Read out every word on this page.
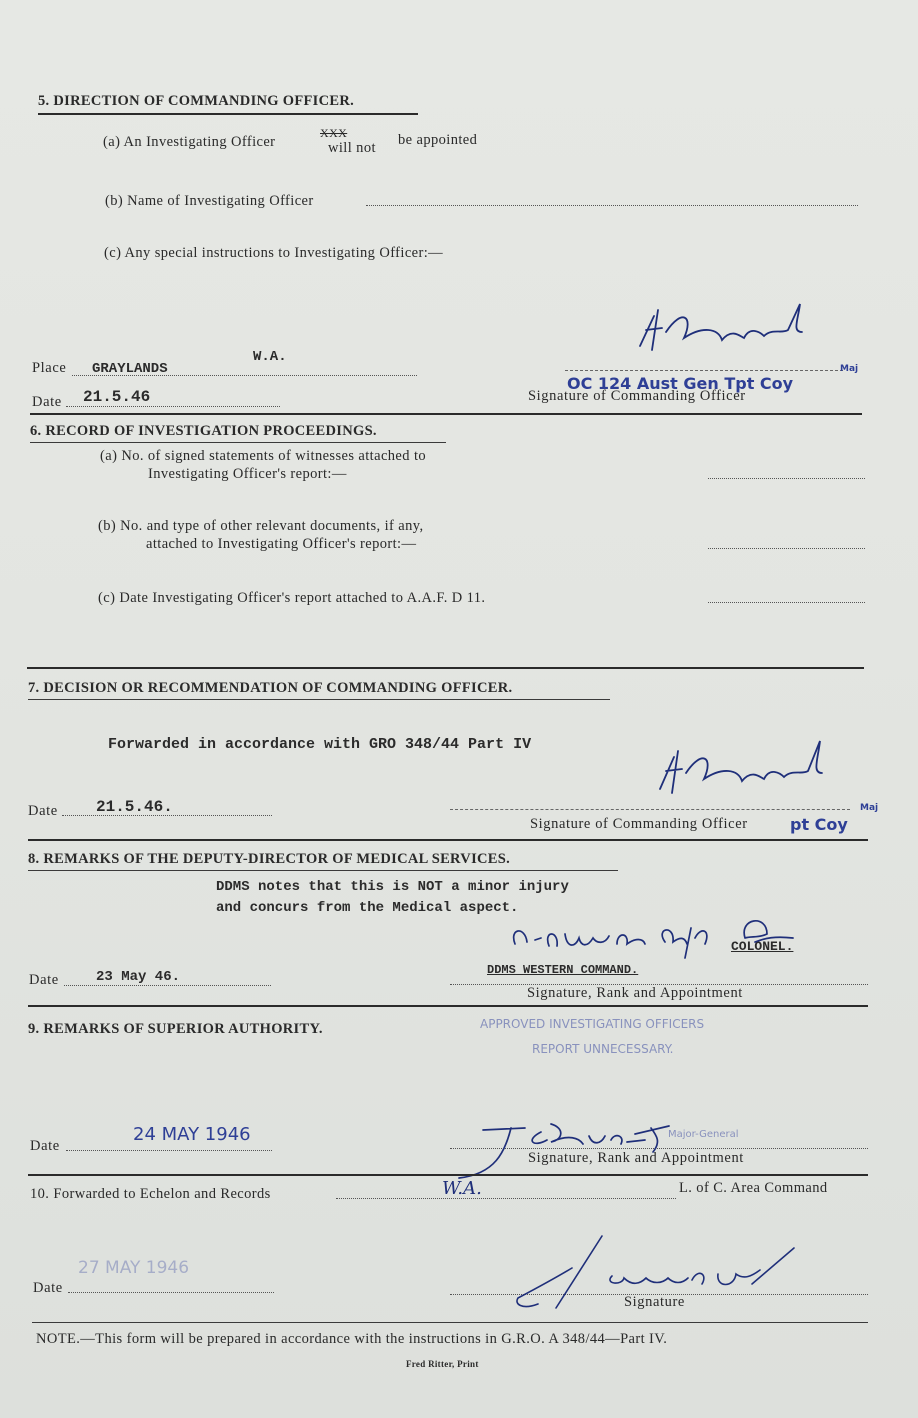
5. DIRECTION OF COMMANDING OFFICER.
(a) An Investigating Officer
XXX
will not be appointed
(b) Name of Investigating Officer
(c) Any special instructions to Investigating Officer:—
Place GRAYLANDS
W.A.
Date 21.5.46
Maj
OC 124 Aust Gen Tpt Coy
Signature of Commanding Officer
6. RECORD OF INVESTIGATION PROCEEDINGS.
(a) No. of signed statements of witnesses attached to
Investigating Officer's report:—
(b) No. and type of other relevant documents, if any,
attached to Investigating Officer's report:—
(c) Date Investigating Officer's report attached to A.A.F. D 11.
7. DECISION OR RECOMMENDATION OF COMMANDING OFFICER.
Forwarded in accordance with GRO 348/44 Part IV
Date 21.5.46.	Maj
pt Coy
Signature of Commanding Officer
8. REMARKS OF THE DEPUTY-DIRECTOR OF MEDICAL SERVICES.
DDMS notes that this is NOT a minor injury
and concurs from the Medical aspect.
Date	23 May 46.	DDMS WESTERN COMMAND.
COLONEL.
Signature, Rank and Appointment
9. REMARKS OF SUPERIOR AUTHORITY.	APPROVED INVESTIGATING OFFICERS
REPORT UNNECESSARY.
Date
24 MAY 1946	Major-General
Signature, Rank and Appointment
10. Forwarded to Echelon and Records	W.A.	L. of C. Area Command
Date
27 MAY 1946
Signature
NOTE.—This form will be prepared in accordance with the instructions in G.R.O. A 348/44—Part IV.
Fred Ritter, Print
